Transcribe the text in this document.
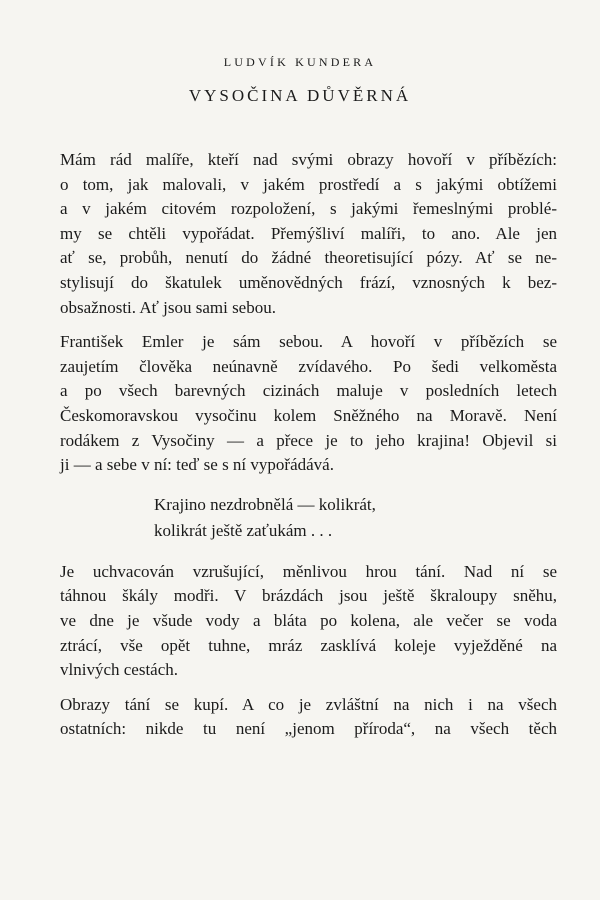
LUDVÍK KUNDERA
VYSOČINA DŮVĚRNÁ

Mám rád malíře, kteří nad svými obrazy hovoří v příbězích:
o tom, jak malovali, v jakém prostředí a s jakými obtížemi
a v jakém citovém rozpoložení, s jakými řemeslnými problé-
my se chtěli vypořádat. Přemýšliví malíři, to ano. Ale jen
ať se, probůh, nenutí do žádné theoretisující pózy. Ať se ne-
stylisují do škatulek uměnovědných frází, vznosných k bez-
obsažnosti. Ať jsou sami sebou.

František Emler je sám sebou. A hovoří v příbězích se
zaujetím člověka neúnavně zvídavého. Po šedi velkoměsta
a po všech barevných cizinách maluje v posledních letech
Českomoravskou vysočinu kolem Sněžného na Moravě. Není
rodákem z Vysočiny — a přece je to jeho krajina! Objevil si
ji — a sebe v ní: teď se s ní vypořádává.

Krajino nezdrobnělá — kolikrát,
kolikrát ještě zaťukám . . .

Je uchvacován vzrušující, měnlivou hrou tání. Nad ní se
táhnou škály modři. V brázdách jsou ještě škraloupy sněhu,
ve dne je všude vody a bláta po kolena, ale večer se voda
ztrácí, vše opět tuhne, mráz zasklívá koleje vyježděné na
vlnivých cestách.

Obrazy tání se kupí. A co je zvláštní na nich i na všech
ostatních: nikde tu není „jenom příroda“, na všech těch
